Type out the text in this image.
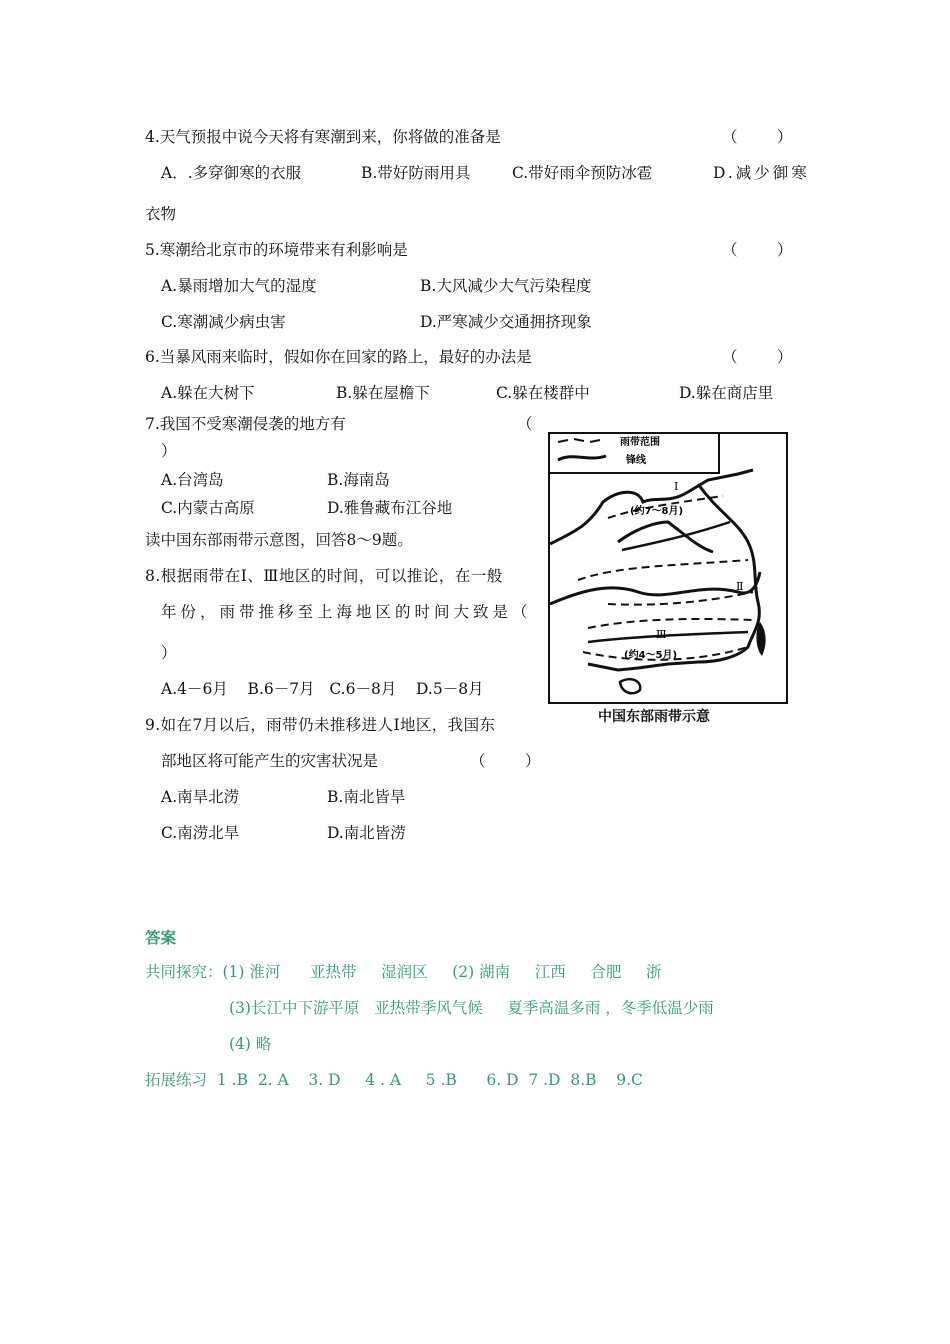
4.天气预报中说今天将有寒潮到来，你将做的准备是	（        ）
A．.多穿御寒的衣服	B.带好防雨用具	C.带好雨伞预防冰雹	D.减少御寒
衣物
5.寒潮给北京市的环境带来有利影响是	（        ）
A.暴雨增加大气的湿度	B.大风减少大气污染程度
C.寒潮减少病虫害	D.严寒减少交通拥挤现象
6.当暴风雨来临时，假如你在回家的路上，最好的办法是	（        ）
A.躲在大树下	B.躲在屋檐下	C.躲在楼群中	D.躲在商店里
7.我国不受寒潮侵袭的地方有	（
）
A.台湾岛	B.海南岛
C.内蒙古高原	D.雅鲁藏布江谷地
读中国东部雨带示意图，回答8～9题。
8.根据雨带在Ⅰ、Ⅲ地区的时间，可以推论，在一般
年份，雨带推移至上海地区的时间大致是（
）
A.4－6月    B.6－7月   C.6－8月    D.5－8月
9.如在7月以后，雨带仍未推移进人Ⅰ地区，我国东
部地区将可能产生的灾害状况是	（        ）
A.南旱北涝	B.南北皆旱
C.南涝北旱	D.南北皆涝
雨带范围
锋线
Ⅰ
(约7～8月)
Ⅱ
Ⅲ
(约4～5月)
中国东部雨带示意
答案
共同探究：(1) 淮河      亚热带     湿润区     (2) 湖南     江西     合肥     浙
(3)长江中下游平原   亚热带季风气候     夏季高温多雨 ，冬季低温少雨
(4) 略
拓展练习  1 .B  2. A    3. D     4 . A     5 .B      6. D  7 .D  8.B    9.C
